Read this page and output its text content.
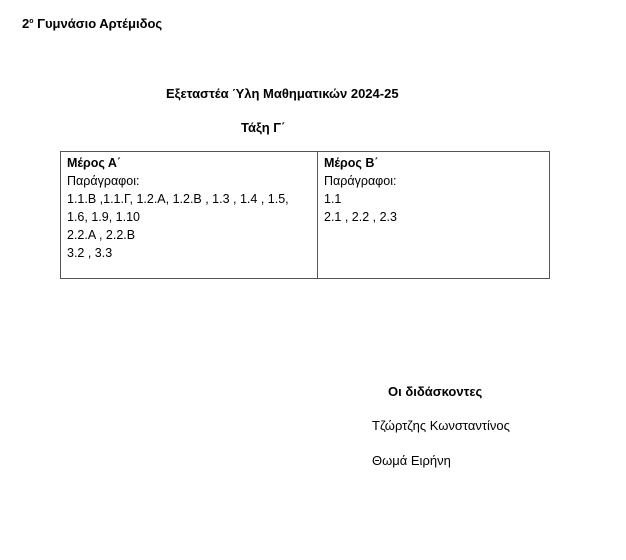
$2^o$ Γυμνάσιο Αρτέμιδος
Εξεταστέα Ύλη Μαθηματικών 2024-25
Τάξη Γ΄
Μέρος Α΄
Παράγραφοι:
1.1.Β ,1.1.Γ, 1.2.Α, 1.2.Β , 1.3 , 1.4 , 1.5,
1.6, 1.9, 1.10
2.2.Α , 2.2.Β
3.2 , 3.3

Μέρος Β΄
Παράγραφοι:
1.1
2.1 , 2.2 , 2.3
Οι διδάσκοντες
Τζώρτζης Κωνσταντίνος
Θωμά Ειρήνη
